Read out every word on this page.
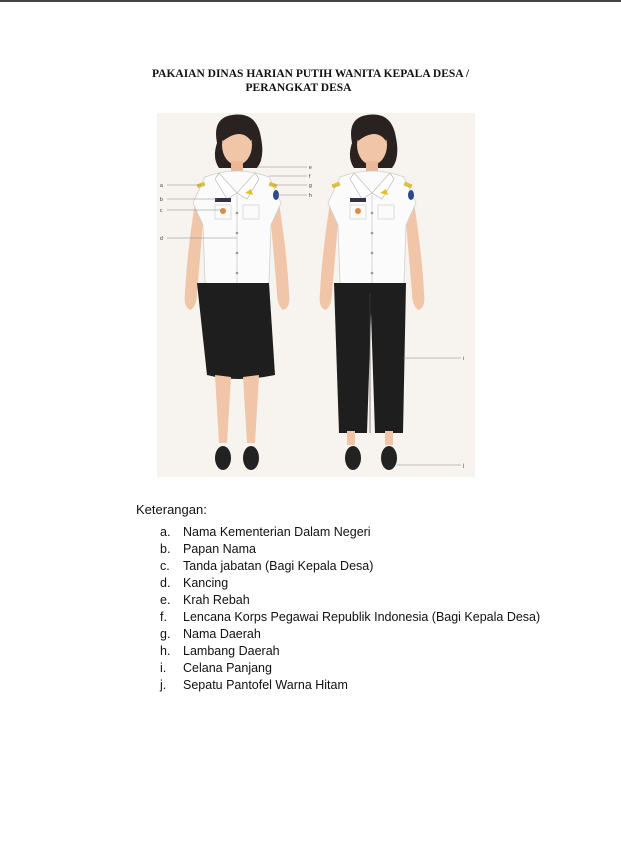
PAKAIAN DINAS HARIAN PUTIH WANITA KEPALA DESA /
PERANGKAT DESA
a
b
c
d
e
f
g
h
i
j
Keterangan:
a.	Nama Kementerian Dalam Negeri
b.	Papan Nama
c.	Tanda jabatan (Bagi Kepala Desa)
d.	Kancing
e.	Krah Rebah
f.	Lencana Korps Pegawai Republik Indonesia (Bagi Kepala Desa)
g.	Nama Daerah
h.	Lambang Daerah
i.	Celana Panjang
j.	Sepatu Pantofel Warna Hitam
